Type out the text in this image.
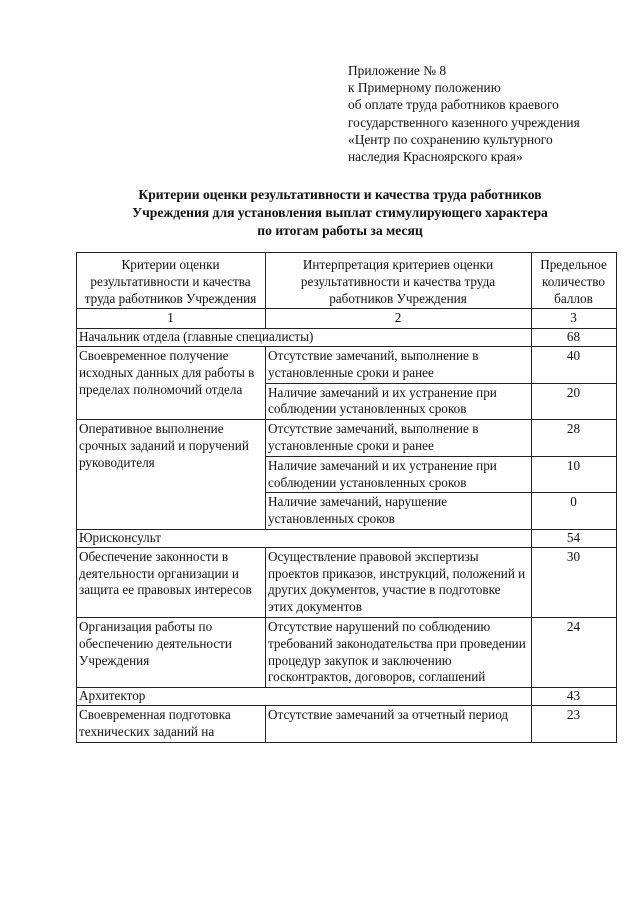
Приложение № 8
к Примерному положению
об оплате труда работников краевого
государственного казенного учреждения
«Центр по сохранению культурного
наследия Красноярского края»
Критерии оценки результативности и качества труда работников
Учреждения для установления выплат стимулирующего характера
по итогам работы за месяц
Критерии оценки результативности и качества труда работников Учреждения	Интерпретация критериев оценки результативности и качества труда работников Учреждения	Предельное количество баллов
1	2	3
Начальник отдела (главные специалисты)		68
Своевременное получение исходных данных для работы в пределах полномочий отдела	Отсутствие замечаний, выполнение в установленные сроки и ранее	40
	Наличие замечаний и их устранение при соблюдении установленных сроков	20
Оперативное выполнение срочных заданий и поручений руководителя	Отсутствие замечаний, выполнение в установленные сроки и ранее	28
	Наличие замечаний и их устранение при соблюдении установленных сроков	10
	Наличие замечаний, нарушение установленных сроков	0
Юрисконсульт		54
Обеспечение законности в деятельности организации и защита ее правовых интересов	Осуществление правовой экспертизы проектов приказов, инструкций, положений и других документов, участие в подготовке этих документов	30
Организация работы по обеспечению деятельности Учреждения	Отсутствие нарушений по соблюдению требований законодательства при проведении процедур закупок и заключению госконтрактов, договоров, соглашений	24
Архитектор		43
Своевременная подготовка технических заданий на	Отсутствие замечаний за отчетный период	23
